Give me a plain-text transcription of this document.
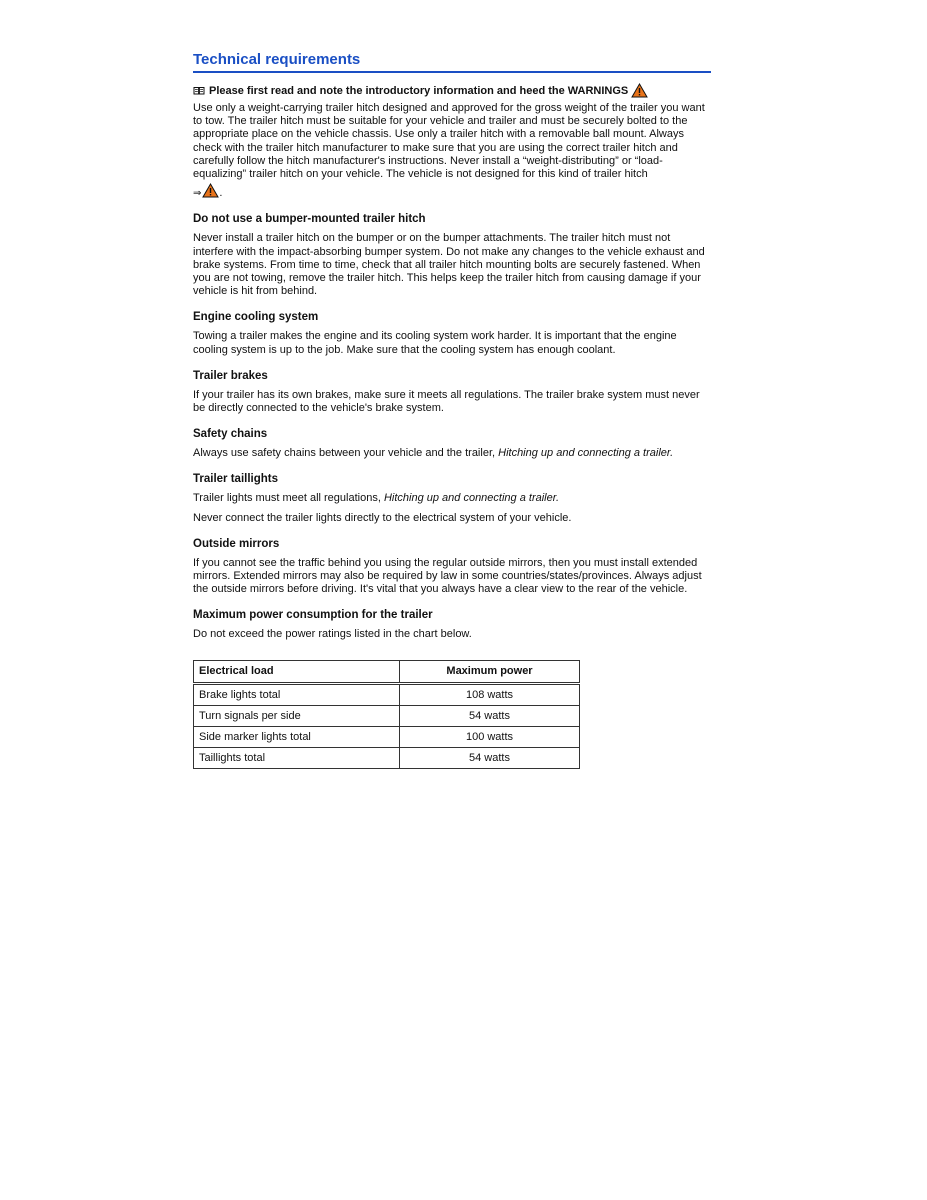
Technical requirements
Please first read and note the introductory information and heed the WARNINGS

Use only a weight-carrying trailer hitch designed and approved for the gross weight of the trailer you want to tow. The trailer hitch must be suitable for your vehicle and trailer and must be securely bolted to the appropriate place on the vehicle chassis. Use only a trailer hitch with a removable ball mount. Always check with the trailer hitch manufacturer to make sure that you are using the correct trailer hitch and carefully follow the hitch manufacturer's instructions. Never install a “weight-distributing” or “load-equalizing” trailer hitch on your vehicle. The vehicle is not designed for this kind of trailer hitch

⇒ .

Do not use a bumper-mounted trailer hitch

Never install a trailer hitch on the bumper or on the bumper attachments. The trailer hitch must not interfere with the impact-absorbing bumper system. Do not make any changes to the vehicle exhaust and brake systems. From time to time, check that all trailer hitch mounting bolts are securely fastened. When you are not towing, remove the trailer hitch. This helps keep the trailer hitch from causing damage if your vehicle is hit from behind.

Engine cooling system

Towing a trailer makes the engine and its cooling system work harder. It is important that the engine cooling system is up to the job. Make sure that the cooling system has enough coolant.

Trailer brakes

If your trailer has its own brakes, make sure it meets all regulations. The trailer brake system must never be directly connected to the vehicle's brake system.

Safety chains

Always use safety chains between your vehicle and the trailer, Hitching up and connecting a trailer.

Trailer taillights

Trailer lights must meet all regulations, Hitching up and connecting a trailer.

Never connect the trailer lights directly to the electrical system of your vehicle.

Outside mirrors

If you cannot see the traffic behind you using the regular outside mirrors, then you must install extended mirrors. Extended mirrors may also be required by law in some countries/states/provinces. Always adjust the outside mirrors before driving. It's vital that you always have a clear view to the rear of the vehicle.

Maximum power consumption for the trailer

Do not exceed the power ratings listed in the chart below.

Electrical load	Maximum power
Brake lights total	108 watts
Turn signals per side	54 watts
Side marker lights total	100 watts
Taillights total	54 watts
